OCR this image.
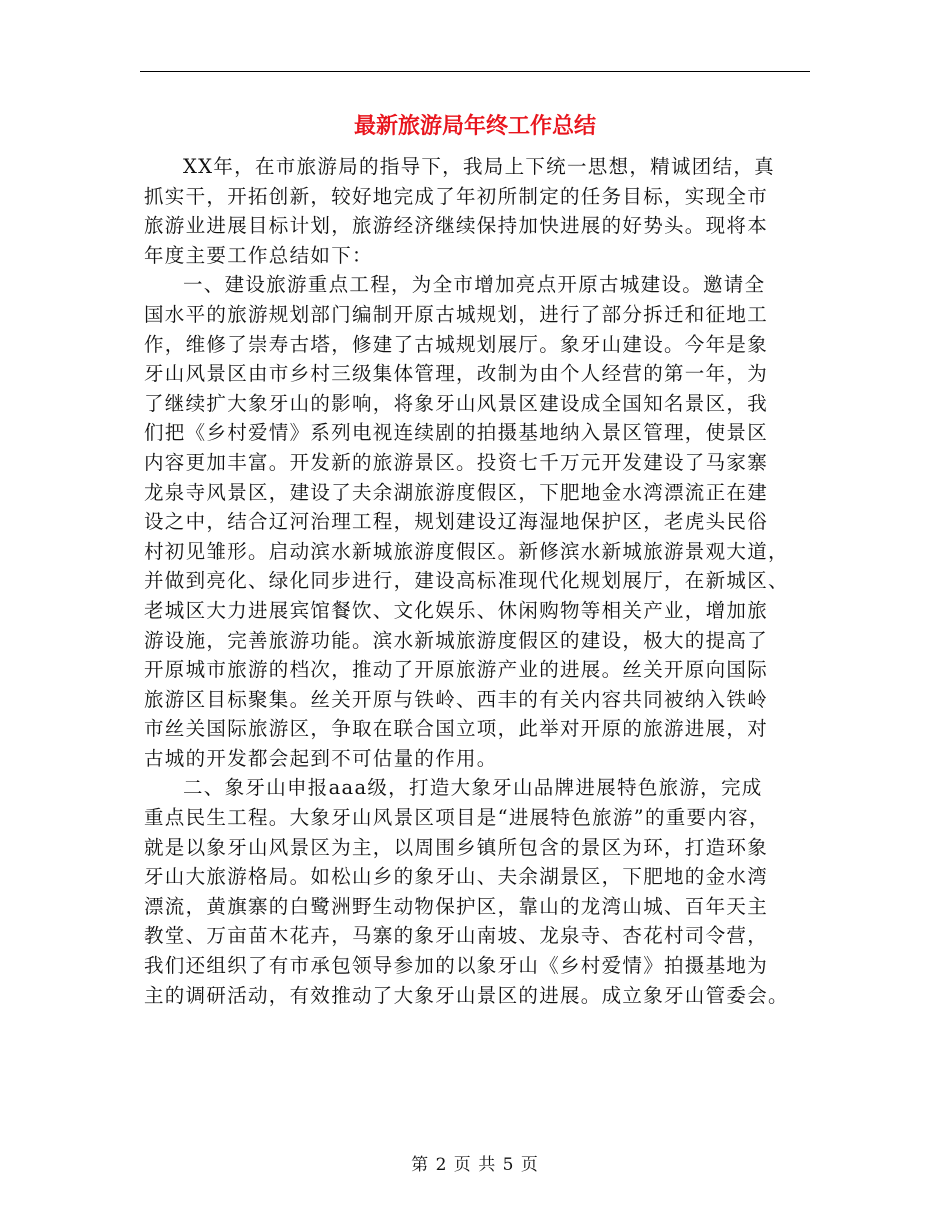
最新旅游局年终工作总结
XX年，在市旅游局的指导下，我局上下统一思想，精诚团结，真
抓实干，开拓创新，较好地完成了年初所制定的任务目标，实现全市
旅游业进展目标计划，旅游经济继续保持加快进展的好势头。现将本
年度主要工作总结如下：
一、建设旅游重点工程，为全市增加亮点开原古城建设。邀请全
国水平的旅游规划部门编制开原古城规划，进行了部分拆迁和征地工
作，维修了崇寿古塔，修建了古城规划展厅。象牙山建设。今年是象
牙山风景区由市乡村三级集体管理，改制为由个人经营的第一年，为
了继续扩大象牙山的影响，将象牙山风景区建设成全国知名景区，我
们把《乡村爱情》系列电视连续剧的拍摄基地纳入景区管理，使景区
内容更加丰富。开发新的旅游景区。投资七千万元开发建设了马家寨
龙泉寺风景区，建设了夫余湖旅游度假区，下肥地金水湾漂流正在建
设之中，结合辽河治理工程，规划建设辽海湿地保护区，老虎头民俗
村初见雏形。启动滨水新城旅游度假区。新修滨水新城旅游景观大道，
并做到亮化、绿化同步进行，建设高标准现代化规划展厅，在新城区、
老城区大力进展宾馆餐饮、文化娱乐、休闲购物等相关产业，增加旅
游设施，完善旅游功能。滨水新城旅游度假区的建设，极大的提高了
开原城市旅游的档次，推动了开原旅游产业的进展。丝关开原向国际
旅游区目标聚集。丝关开原与铁岭、西丰的有关内容共同被纳入铁岭
市丝关国际旅游区，争取在联合国立项，此举对开原的旅游进展，对
古城的开发都会起到不可估量的作用。
二、象牙山申报aaa级，打造大象牙山品牌进展特色旅游，完成
重点民生工程。大象牙山风景区项目是“进展特色旅游”的重要内容，
就是以象牙山风景区为主，以周围乡镇所包含的景区为环，打造环象
牙山大旅游格局。如松山乡的象牙山、夫余湖景区，下肥地的金水湾
漂流，黄旗寨的白鹭洲野生动物保护区，靠山的龙湾山城、百年天主
教堂、万亩苗木花卉，马寨的象牙山南坡、龙泉寺、杏花村司令营，
我们还组织了有市承包领导参加的以象牙山《乡村爱情》拍摄基地为
主的调研活动，有效推动了大象牙山景区的进展。成立象牙山管委会。
第 2 页 共 5 页
